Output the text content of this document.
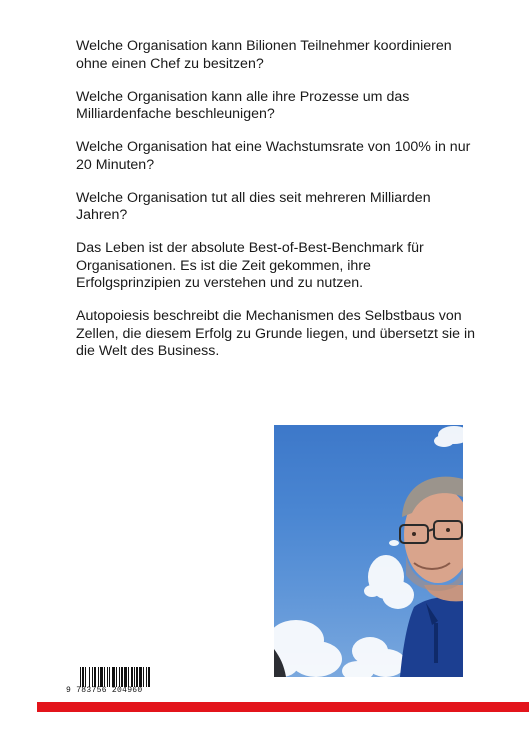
Welche Organisation kann Bilionen Teilnehmer koordinieren ohne einen Chef zu besitzen?

Welche Organisation kann alle ihre Prozesse um das Milliardenfache beschleunigen?

Welche Organisation hat eine Wachstumsrate von 100% in nur 20 Minuten?

Welche Organisation tut all dies seit mehreren Milliarden Jahren?

Das Leben ist der absolute Best-of-Best-Benchmark für Organisationen. Es ist die Zeit gekommen, ihre Erfolgsprinzipien zu verstehen und zu nutzen.

Autopoiesis beschreibt die Mechanismen des Selbstbaus von Zellen, die diesem Erfolg zu Grunde liegen, und übersetzt sie in die Welt des Business.

9 783756 204960
